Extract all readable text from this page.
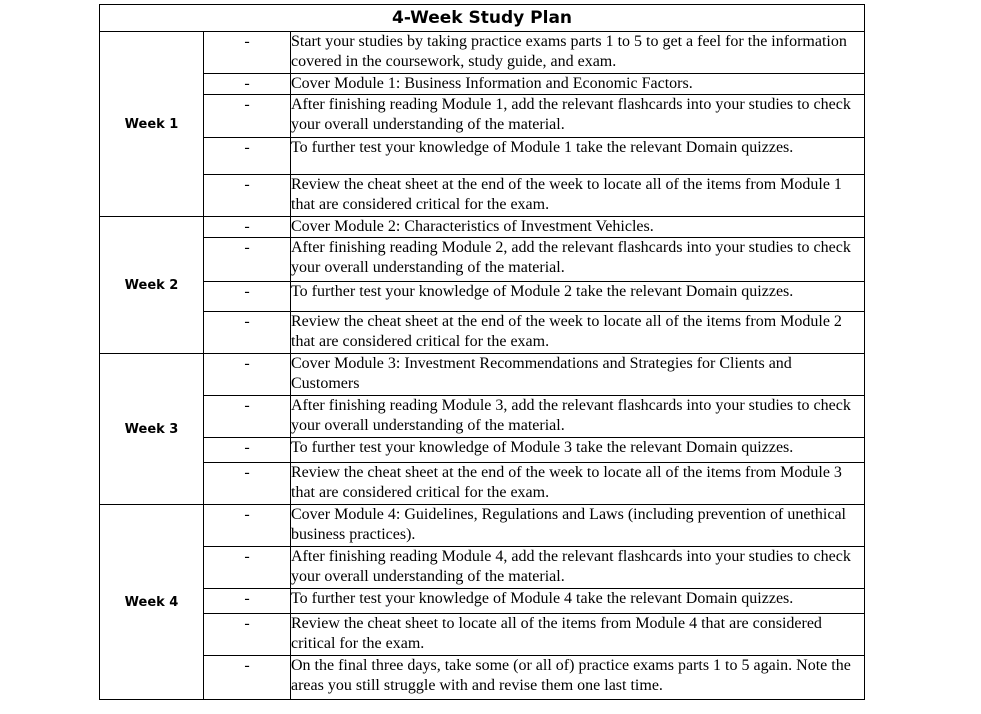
4-Week Study Plan		
Week 1	-	Start your studies by taking practice exams parts 1 to 5 to get a feel for the information covered in the coursework, study guide, and exam.
	-	Cover Module 1: Business Information and Economic Factors.
	-	After finishing reading Module 1, add the relevant flashcards into your studies to check your overall understanding of the material.
	-	To further test your knowledge of Module 1 take the relevant Domain quizzes.
	-	Review the cheat sheet at the end of the week to locate all of the items from Module 1 that are considered critical for the exam.
Week 2	-	Cover Module 2: Characteristics of Investment Vehicles.
	-	After finishing reading Module 2, add the relevant flashcards into your studies to check your overall understanding of the material.
	-	To further test your knowledge of Module 2 take the relevant Domain quizzes.
	-	Review the cheat sheet at the end of the week to locate all of the items from Module 2 that are considered critical for the exam.
Week 3	-	Cover Module 3: Investment Recommendations and Strategies for Clients and Customers
	-	After finishing reading Module 3, add the relevant flashcards into your studies to check your overall understanding of the material.
	-	To further test your knowledge of Module 3 take the relevant Domain quizzes.
	-	Review the cheat sheet at the end of the week to locate all of the items from Module 3 that are considered critical for the exam.
Week 4	-	Cover Module 4: Guidelines, Regulations and Laws (including prevention of unethical business practices).
	-	After finishing reading Module 4, add the relevant flashcards into your studies to check your overall understanding of the material.
	-	To further test your knowledge of Module 4 take the relevant Domain quizzes.
	-	Review the cheat sheet to locate all of the items from Module 4 that are considered critical for the exam.
	-	On the final three days, take some (or all of) practice exams parts 1 to 5 again. Note the areas you still struggle with and revise them one last time.
